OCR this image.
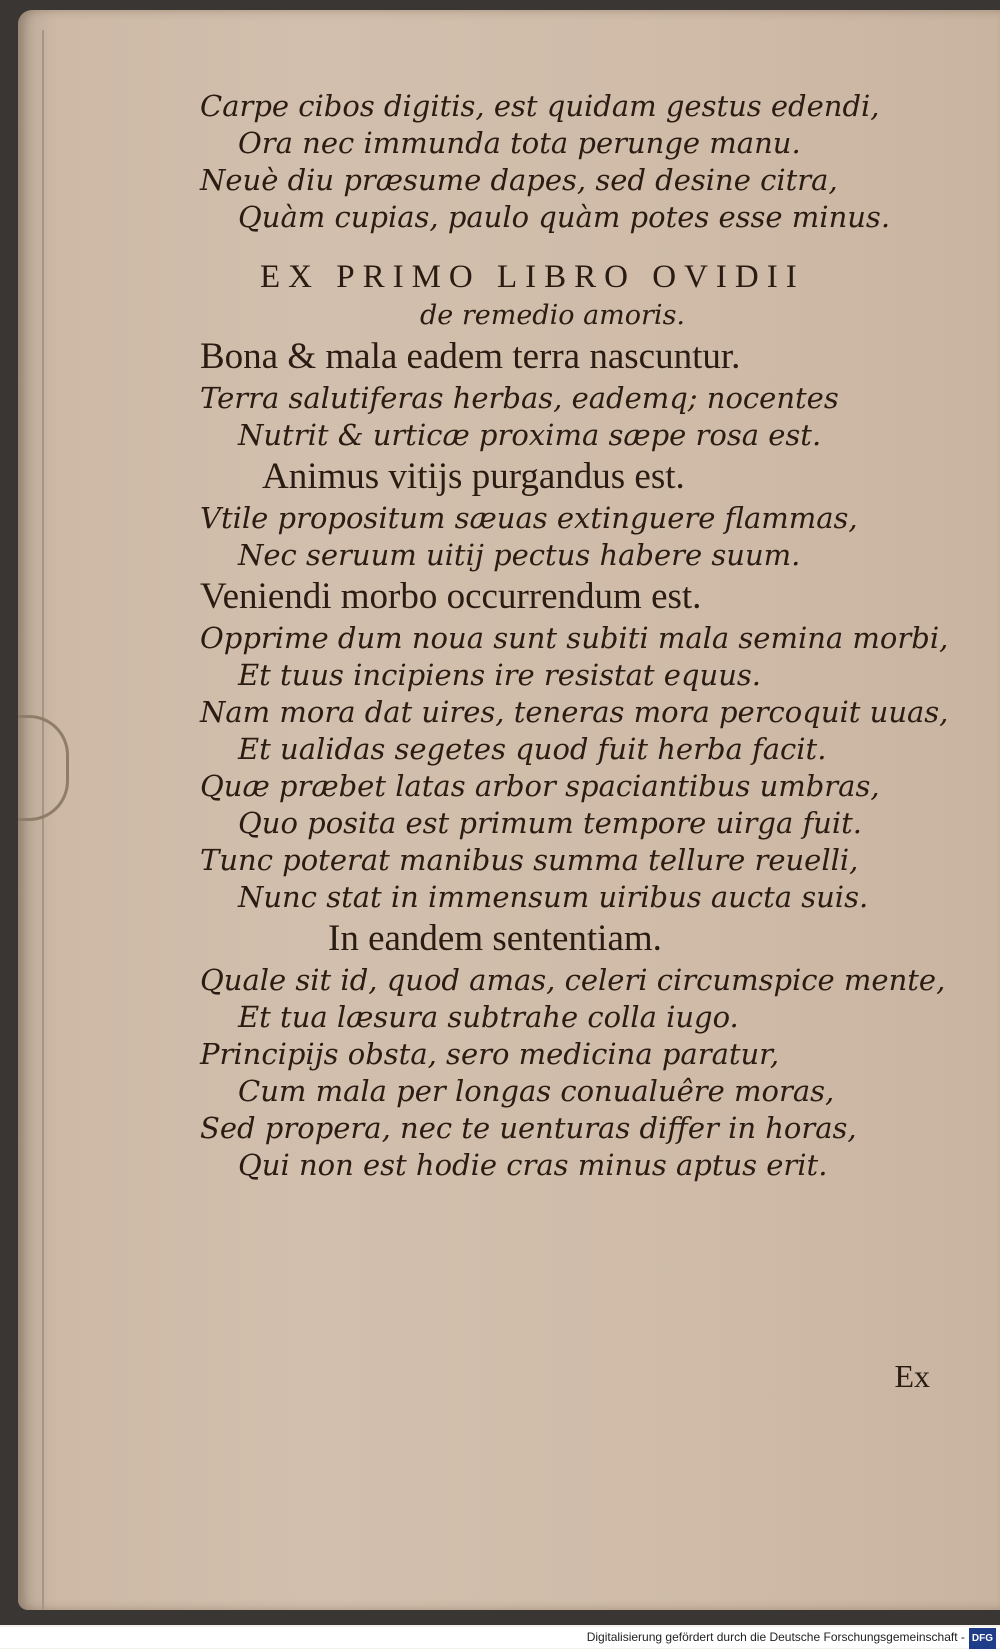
Carpe cibos digitis, est quidam gestus edendi,
Ora nec immunda tota perunge manu.
Neuè diu præsume dapes, sed desine citra,
Quàm cupias, paulo quàm potes esse minus.
EX PRIMO LIBRO OVIDII
de remedio amoris.
Bona & mala eadem terra nascuntur.
Terra salutiferas herbas, eademq; nocentes
Nutrit & urticæ proxima sæpe rosa est.
Animus vitijs purgandus est.
Vtile propositum sæuas extinguere flammas,
Nec seruum uitij pectus habere suum.
Veniendi morbo occurrendum est.
Opprime dum noua sunt subiti mala semina morbi,
Et tuus incipiens ire resistat equus.
Nam mora dat uires, teneras mora percoquit uuas,
Et ualidas segetes quod fuit herba facit.
Quæ præbet latas arbor spaciantibus umbras,
Quo posita est primum tempore uirga fuit.
Tunc poterat manibus summa tellure reuelli,
Nunc stat in immensum uiribus aucta suis.
In eandem sententiam.
Quale sit id, quod amas, celeri circumspice mente,
Et tua læsura subtrahe colla iugo.
Principijs obsta, sero medicina paratur,
Cum mala per longas conualuêre moras,
Sed propera, nec te uenturas differ in horas,
Qui non est hodie cras minus aptus erit.
Ex
Digitalisierung gefördert durch die Deutsche Forschungsgemeinschaft - DFG
